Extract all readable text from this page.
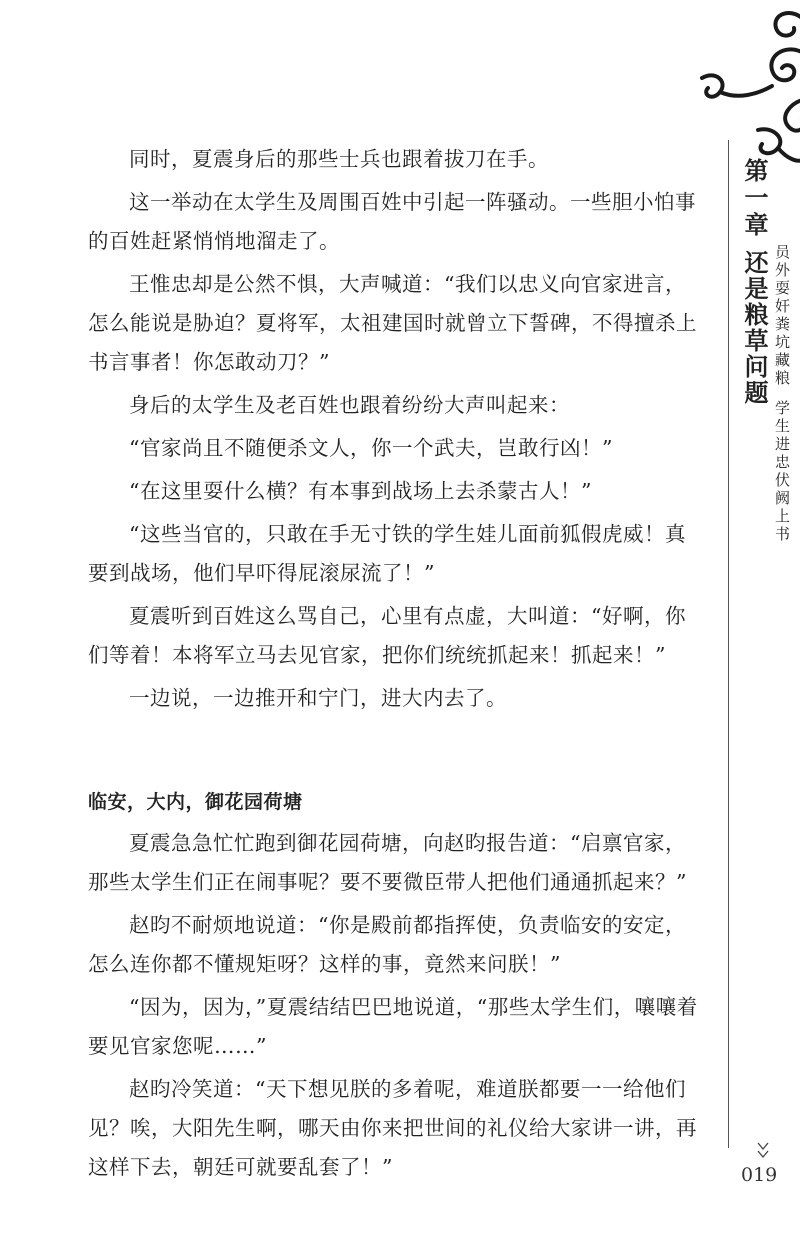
第一章
还是粮草问题 员外耍奸粪坑藏粮
学生进忠伏阙上书

同时，夏震身后的那些士兵也跟着拔刀在手。

这一举动在太学生及周围百姓中引起一阵骚动。一些胆小怕事的百姓赶紧悄悄地溜走了。

王惟忠却是公然不惧，大声喊道：“我们以忠义向官家进言，怎么能说是胁迫？夏将军，太祖建国时就曾立下誓碑，不得擅杀上书言事者！你怎敢动刀？”

身后的太学生及老百姓也跟着纷纷大声叫起来：

“官家尚且不随便杀文人，你一个武夫，岂敢行凶！”

“在这里耍什么横？有本事到战场上去杀蒙古人！”

“这些当官的，只敢在手无寸铁的学生娃儿面前狐假虎威！真要到战场，他们早吓得屁滚尿流了！”

夏震听到百姓这么骂自己，心里有点虚，大叫道：“好啊，你们等着！本将军立马去见官家，把你们统统抓起来！抓起来！”

一边说，一边推开和宁门，进大内去了。

临安，大内，御花园荷塘

夏震急急忙忙跑到御花园荷塘，向赵昀报告道：“启禀官家，那些太学生们正在闹事呢？要不要微臣带人把他们通通抓起来？”

赵昀不耐烦地说道：“你是殿前都指挥使，负责临安的安定，怎么连你都不懂规矩呀？这样的事，竟然来问朕！”

“因为，因为，”夏震结结巴巴地说道，“那些太学生们，嚷嚷着要见官家您呢……”

赵昀冷笑道：“天下想见朕的多着呢，难道朕都要一一给他们见？唉，大阳先生啊，哪天由你来把世间的礼仪给大家讲一讲，再这样下去，朝廷可就要乱套了！”	019
